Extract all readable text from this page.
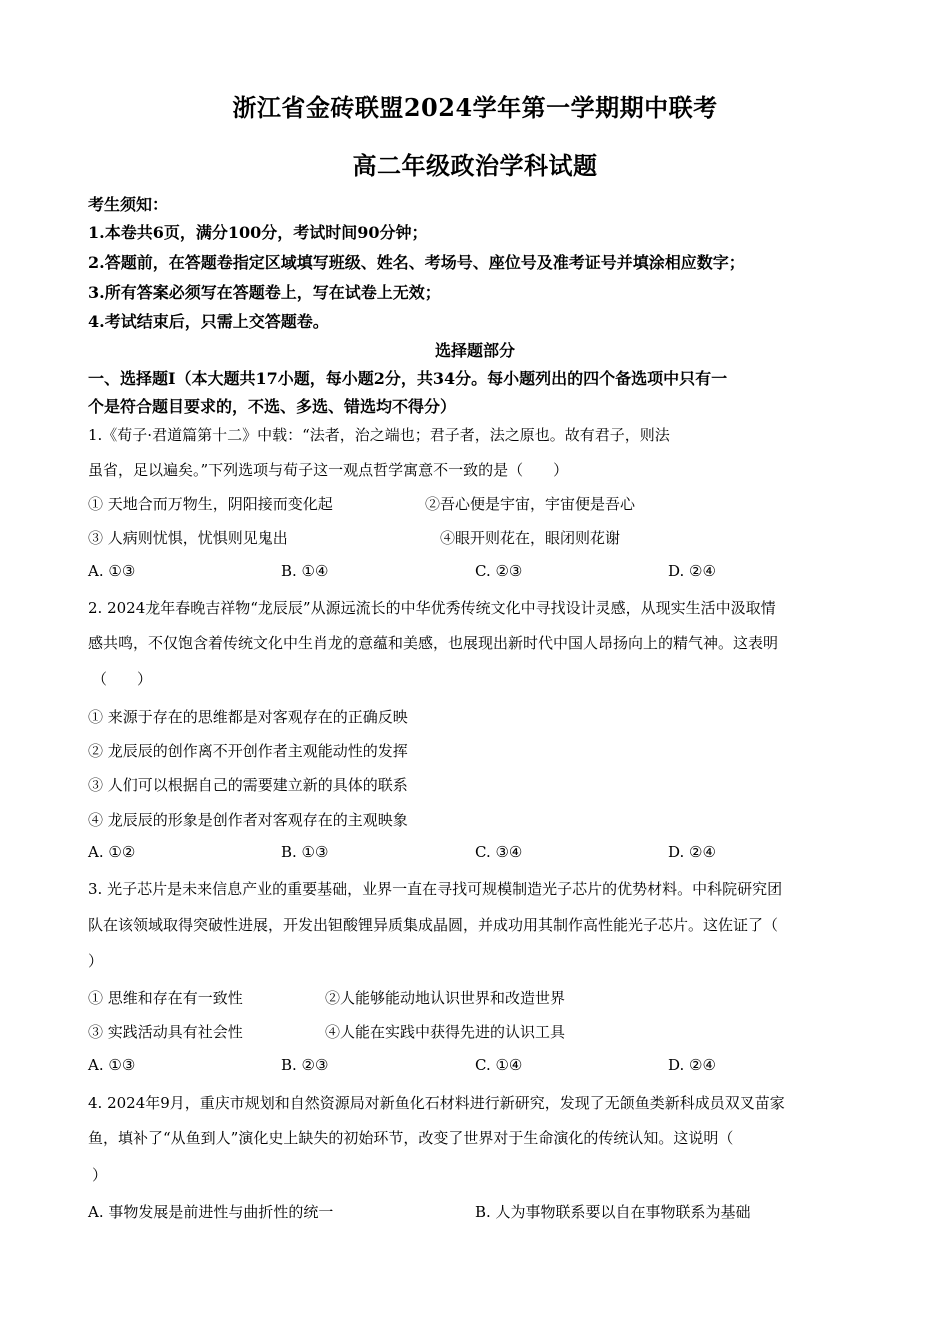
浙江省金砖联盟2024学年第一学期期中联考
高二年级政治学科试题
考生须知：
1.本卷共6页，满分100分，考试时间90分钟；
2.答题前，在答题卷指定区域填写班级、姓名、考场号、座位号及准考证号并填涂相应数字；
3.所有答案必须写在答题卷上，写在试卷上无效；
4.考试结束后，只需上交答题卷。
选择题部分
一、选择题Ⅰ（本大题共17小题，每小题2分，共34分。每小题列出的四个备选项中只有一
个是符合题目要求的，不选、多选、错选均不得分）
1.《荀子·君道篇第十二》中载：“法者，治之端也；君子者，法之原也。故有君子，则法
虽省，足以遍矣。”下列选项与荀子这一观点哲学寓意不一致的是（　　）
① 天地合而万物生，阴阳接而变化起	②吾心便是宇宙，宇宙便是吾心
③ 人病则忧惧，忧惧则见鬼出	④眼开则花在，眼闭则花谢
A. ①③	B. ①④	C. ②③	D. ②④
2. 2024龙年春晚吉祥物“龙辰辰”从源远流长的中华优秀传统文化中寻找设计灵感，从现实生活中汲取情
感共鸣，不仅饱含着传统文化中生肖龙的意蕴和美感，也展现出新时代中国人昂扬向上的精气神。这表明
（　　）
① 来源于存在的思维都是对客观存在的正确反映
② 龙辰辰的创作离不开创作者主观能动性的发挥
③ 人们可以根据自己的需要建立新的具体的联系
④ 龙辰辰的形象是创作者对客观存在的主观映象
A. ①②	B. ①③	C. ③④	D. ②④
3. 光子芯片是未来信息产业的重要基础，业界一直在寻找可规模制造光子芯片的优势材料。中科院研究团
队在该领域取得突破性进展，开发出钽酸锂异质集成晶圆，并成功用其制作高性能光子芯片。这佐证了（
）
① 思维和存在有一致性	②人能够能动地认识世界和改造世界
③ 实践活动具有社会性	④人能在实践中获得先进的认识工具
A. ①③	B. ②③	C. ①④	D. ②④
4. 2024年9月，重庆市规划和自然资源局对新鱼化石材料进行新研究，发现了无颌鱼类新科成员双叉苗家
鱼，填补了“从鱼到人”演化史上缺失的初始环节，改变了世界对于生命演化的传统认知。这说明（
）
A. 事物发展是前进性与曲折性的统一	B. 人为事物联系要以自在事物联系为基础
